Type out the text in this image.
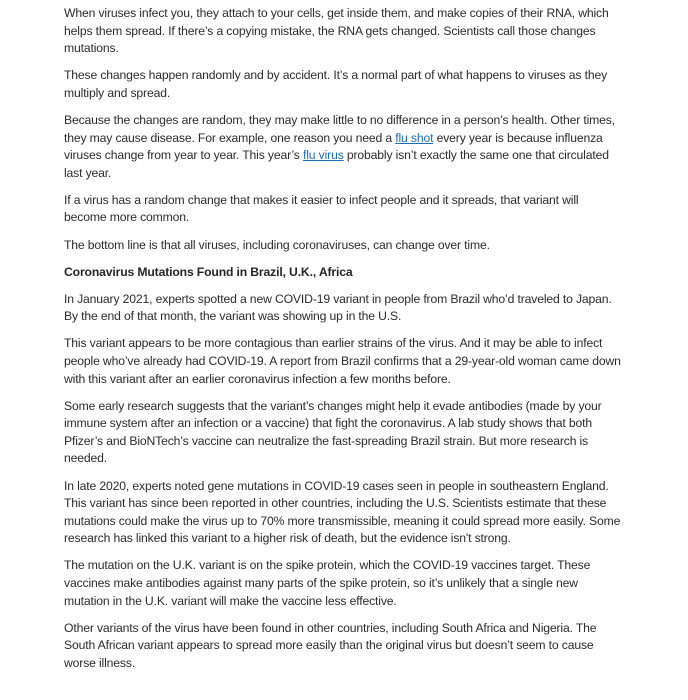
When viruses infect you, they attach to your cells, get inside them, and make copies of their RNA, which helps them spread. If there’s a copying mistake, the RNA gets changed. Scientists call those changes mutations.

These changes happen randomly and by accident. It’s a normal part of what happens to viruses as they multiply and spread.

Because the changes are random, they may make little to no difference in a person’s health. Other times, they may cause disease. For example, one reason you need a flu shot every year is because influenza viruses change from year to year. This year’s flu virus probably isn’t exactly the same one that circulated last year.

If a virus has a random change that makes it easier to infect people and it spreads, that variant will become more common.

The bottom line is that all viruses, including coronaviruses, can change over time.

Coronavirus Mutations Found in Brazil, U.K., Africa

In January 2021, experts spotted a new COVID-19 variant in people from Brazil who’d traveled to Japan. By the end of that month, the variant was showing up in the U.S.

This variant appears to be more contagious than earlier strains of the virus. And it may be able to infect people who’ve already had COVID-19. A report from Brazil confirms that a 29-year-old woman came down with this variant after an earlier coronavirus infection a few months before.

Some early research suggests that the variant’s changes might help it evade antibodies (made by your immune system after an infection or a vaccine) that fight the coronavirus. A lab study shows that both Pfizer’s and BioNTech’s vaccine can neutralize the fast-spreading Brazil strain. But more research is needed.

In late 2020, experts noted gene mutations in COVID-19 cases seen in people in southeastern England. This variant has since been reported in other countries, including the U.S. Scientists estimate that these mutations could make the virus up to 70% more transmissible, meaning it could spread more easily. Some research has linked this variant to a higher risk of death, but the evidence isn't strong.

The mutation on the U.K. variant is on the spike protein, which the COVID-19 vaccines target. These vaccines make antibodies against many parts of the spike protein, so it’s unlikely that a single new mutation in the U.K. variant will make the vaccine less effective.

Other variants of the virus have been found in other countries, including South Africa and Nigeria. The South African variant appears to spread more easily than the original virus but doesn’t seem to cause worse illness.
